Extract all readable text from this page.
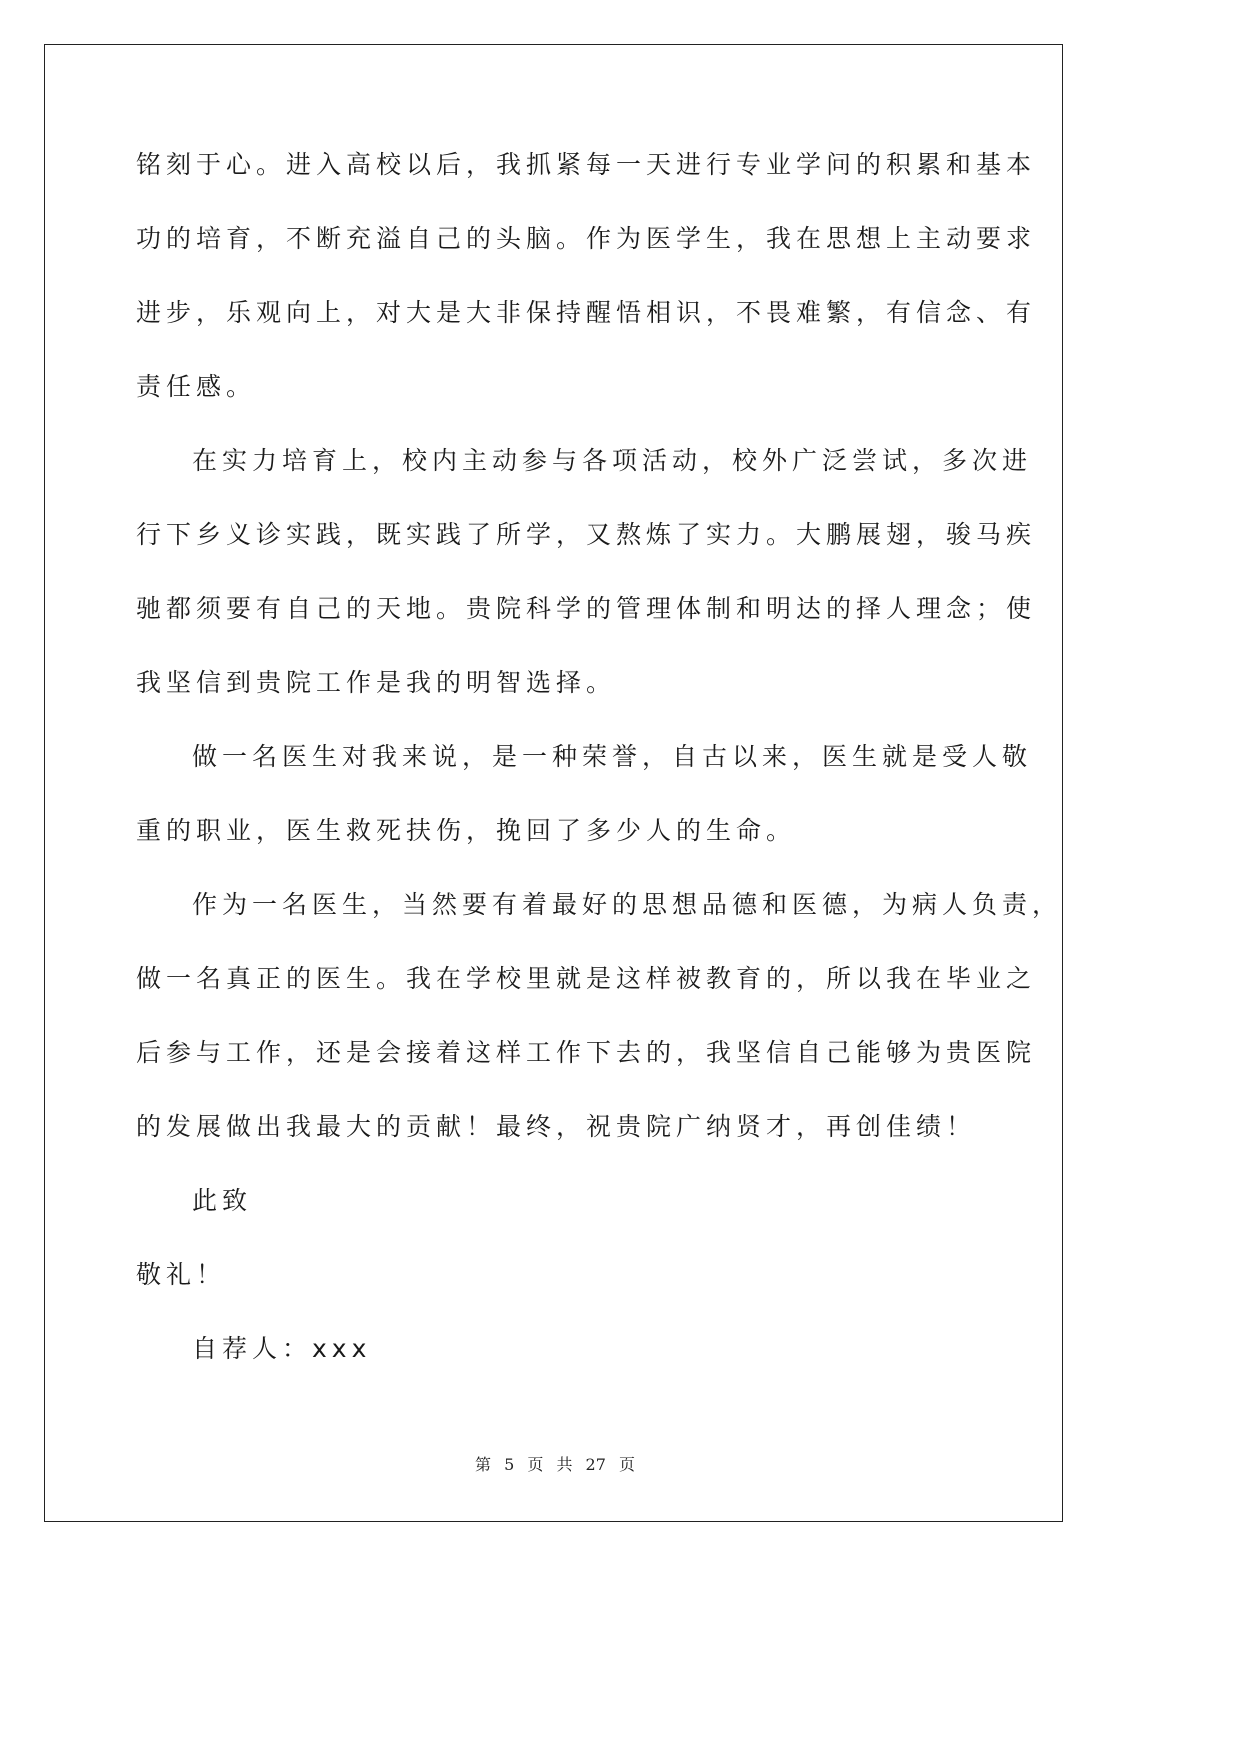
铭刻于心。进入高校以后，我抓紧每一天进行专业学问的积累和基本
功的培育，不断充溢自己的头脑。作为医学生，我在思想上主动要求
进步，乐观向上，对大是大非保持醒悟相识，不畏难繁，有信念、有
责任感。
在实力培育上，校内主动参与各项活动，校外广泛尝试，多次进
行下乡义诊实践，既实践了所学，又熬炼了实力。大鹏展翅，骏马疾
驰都须要有自己的天地。贵院科学的管理体制和明达的择人理念；使
我坚信到贵院工作是我的明智选择。
做一名医生对我来说，是一种荣誉，自古以来，医生就是受人敬
重的职业，医生救死扶伤，挽回了多少人的生命。
作为一名医生，当然要有着最好的思想品德和医德，为病人负责，
做一名真正的医生。我在学校里就是这样被教育的，所以我在毕业之
后参与工作，还是会接着这样工作下去的，我坚信自己能够为贵医院
的发展做出我最大的贡献！最终，祝贵院广纳贤才，再创佳绩！
此致
敬礼！
自荐人：xxx
第 5 页 共 27 页
